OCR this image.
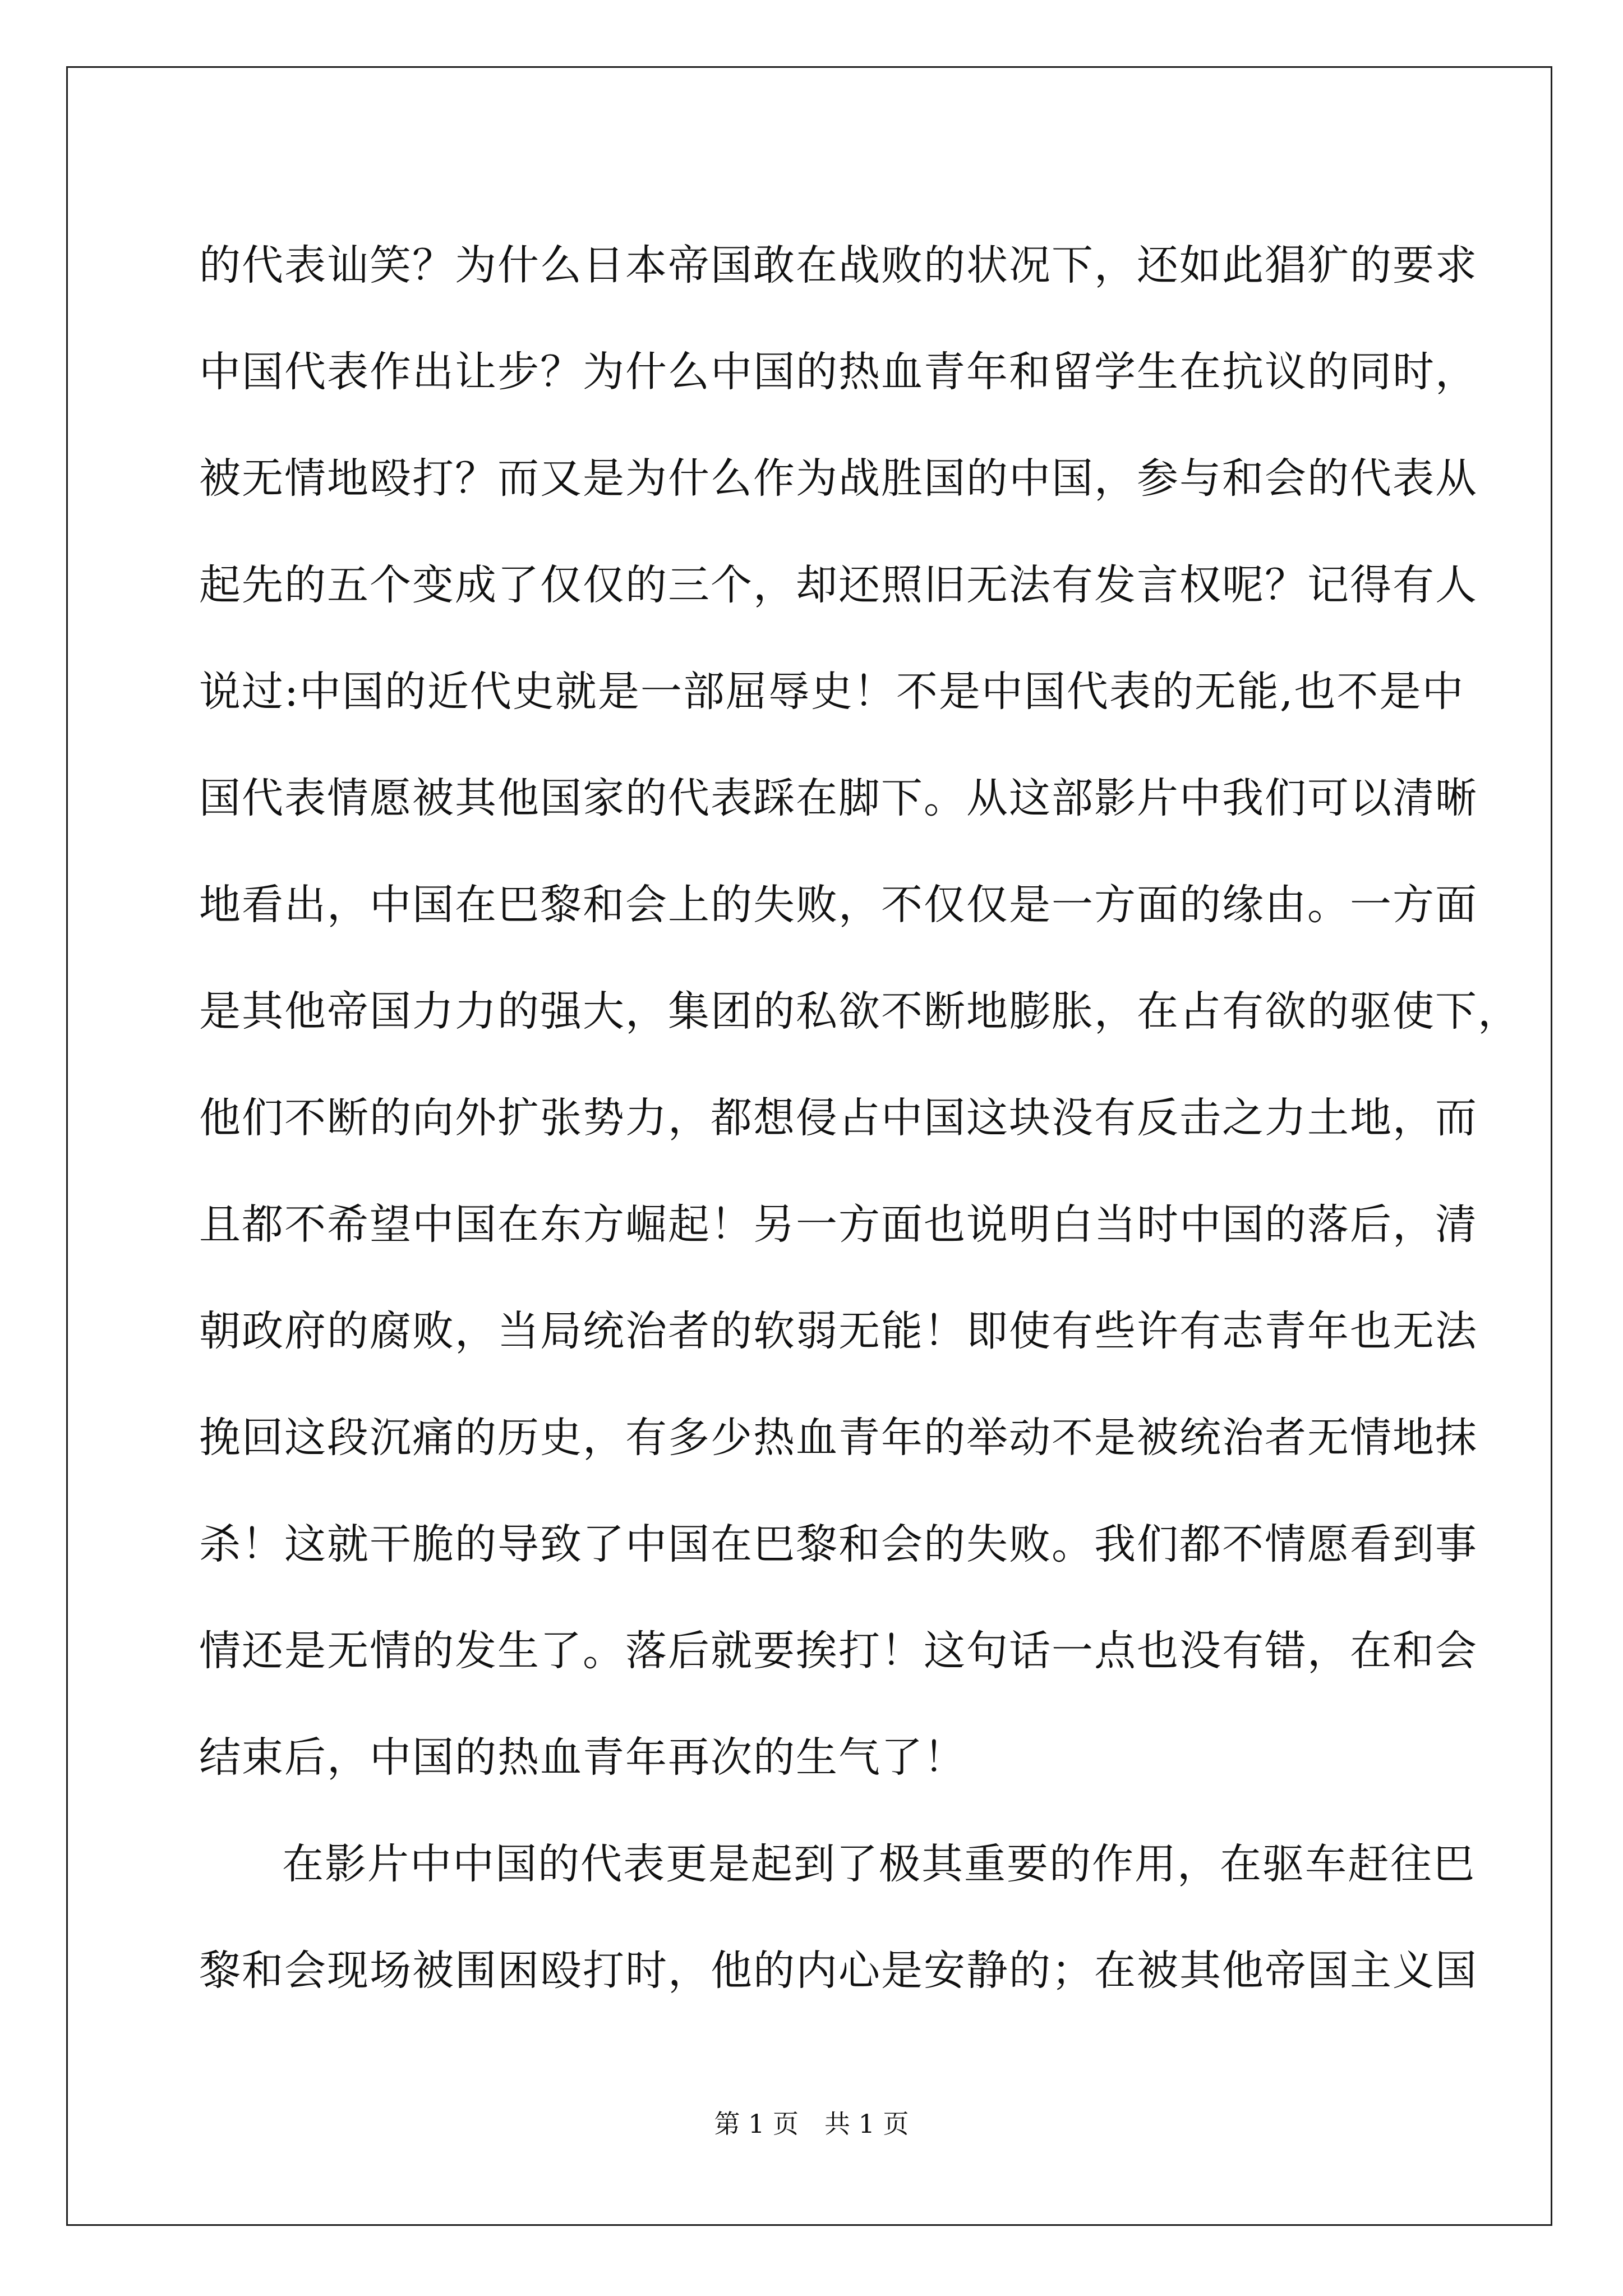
的代表讪笑？为什么日本帝国敢在战败的状况下，还如此猖犷的要求
中国代表作出让步？为什么中国的热血青年和留学生在抗议的同时，
被无情地殴打？而又是为什么作为战胜国的中国，参与和会的代表从
起先的五个变成了仅仅的三个，却还照旧无法有发言权呢？记得有人
说过:中国的近代史就是一部屈辱史！不是中国代表的无能,也不是中
国代表情愿被其他国家的代表踩在脚下。从这部影片中我们可以清晰
地看出，中国在巴黎和会上的失败，不仅仅是一方面的缘由。一方面
是其他帝国力力的强大，集团的私欲不断地膨胀，在占有欲的驱使下，
他们不断的向外扩张势力，都想侵占中国这块没有反击之力土地，而
且都不希望中国在东方崛起！另一方面也说明白当时中国的落后，清
朝政府的腐败，当局统治者的软弱无能！即使有些许有志青年也无法
挽回这段沉痛的历史，有多少热血青年的举动不是被统治者无情地抹
杀！这就干脆的导致了中国在巴黎和会的失败。我们都不情愿看到事
情还是无情的发生了。落后就要挨打！这句话一点也没有错，在和会
结束后，中国的热血青年再次的生气了！
在影片中中国的代表更是起到了极其重要的作用，在驱车赶往巴
黎和会现场被围困殴打时，他的内心是安静的；在被其他帝国主义国
第 1 页　共 1 页
